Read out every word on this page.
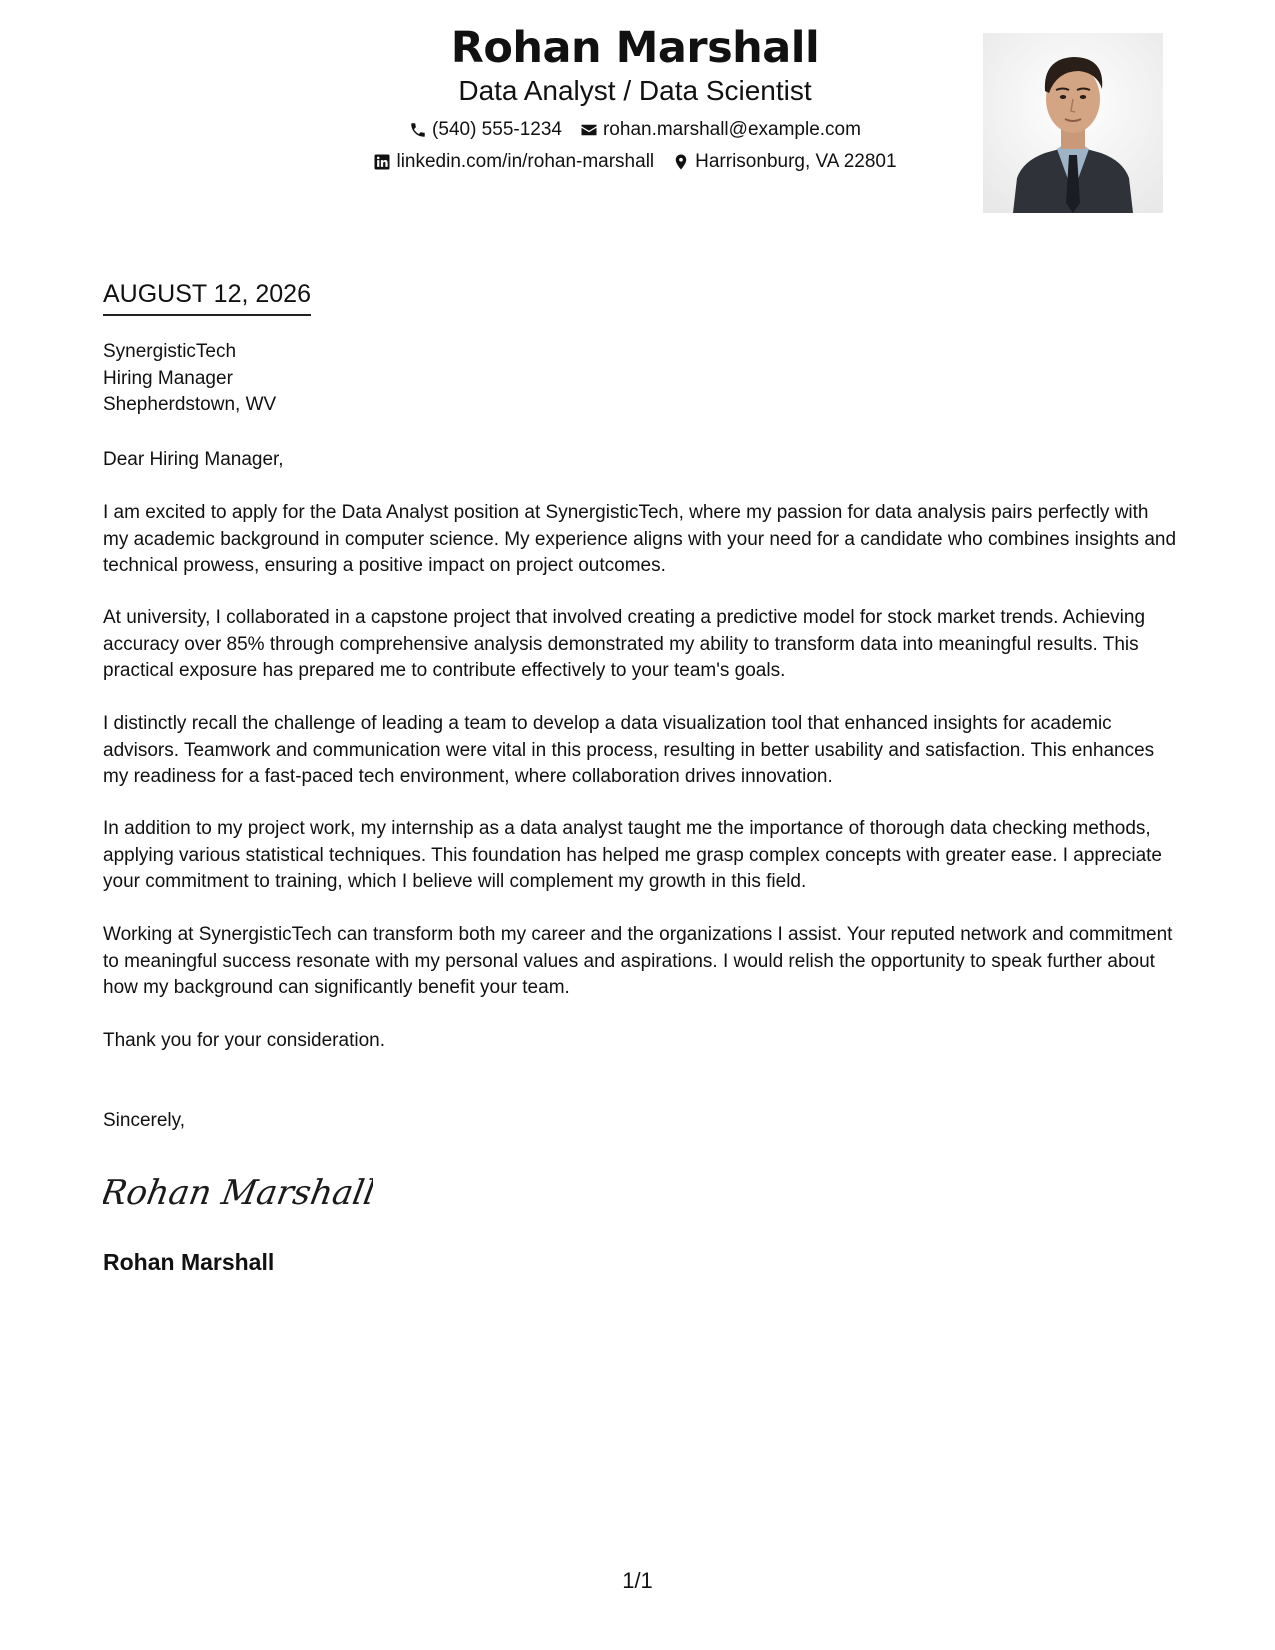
Rohan Marshall
Data Analyst / Data Scientist
(540) 555-1234 rohan.marshall@example.com
linkedin.com/in/rohan-marshall Harrisonburg, VA 22801
AUGUST 12, 2026
SynergisticTech
Hiring Manager
Shepherdstown, WV

Dear Hiring Manager,

I am excited to apply for the Data Analyst position at SynergisticTech, where my passion for data analysis pairs perfectly with my academic background in computer science. My experience aligns with your need for a candidate who combines insights and technical prowess, ensuring a positive impact on project outcomes.

At university, I collaborated in a capstone project that involved creating a predictive model for stock market trends. Achieving accuracy over 85% through comprehensive analysis demonstrated my ability to transform data into meaningful results. This practical exposure has prepared me to contribute effectively to your team's goals.

I distinctly recall the challenge of leading a team to develop a data visualization tool that enhanced insights for academic advisors. Teamwork and communication were vital in this process, resulting in better usability and satisfaction. This enhances my readiness for a fast-paced tech environment, where collaboration drives innovation.

In addition to my project work, my internship as a data analyst taught me the importance of thorough data checking methods, applying various statistical techniques. This foundation has helped me grasp complex concepts with greater ease. I appreciate your commitment to training, which I believe will complement my growth in this field.

Working at SynergisticTech can transform both my career and the organizations I assist. Your reputed network and commitment to meaningful success resonate with my personal values and aspirations. I would relish the opportunity to speak further about how my background can significantly benefit your team.

Thank you for your consideration.

Sincerely,

Rohan Marshall
Rohan Marshall
1/1
